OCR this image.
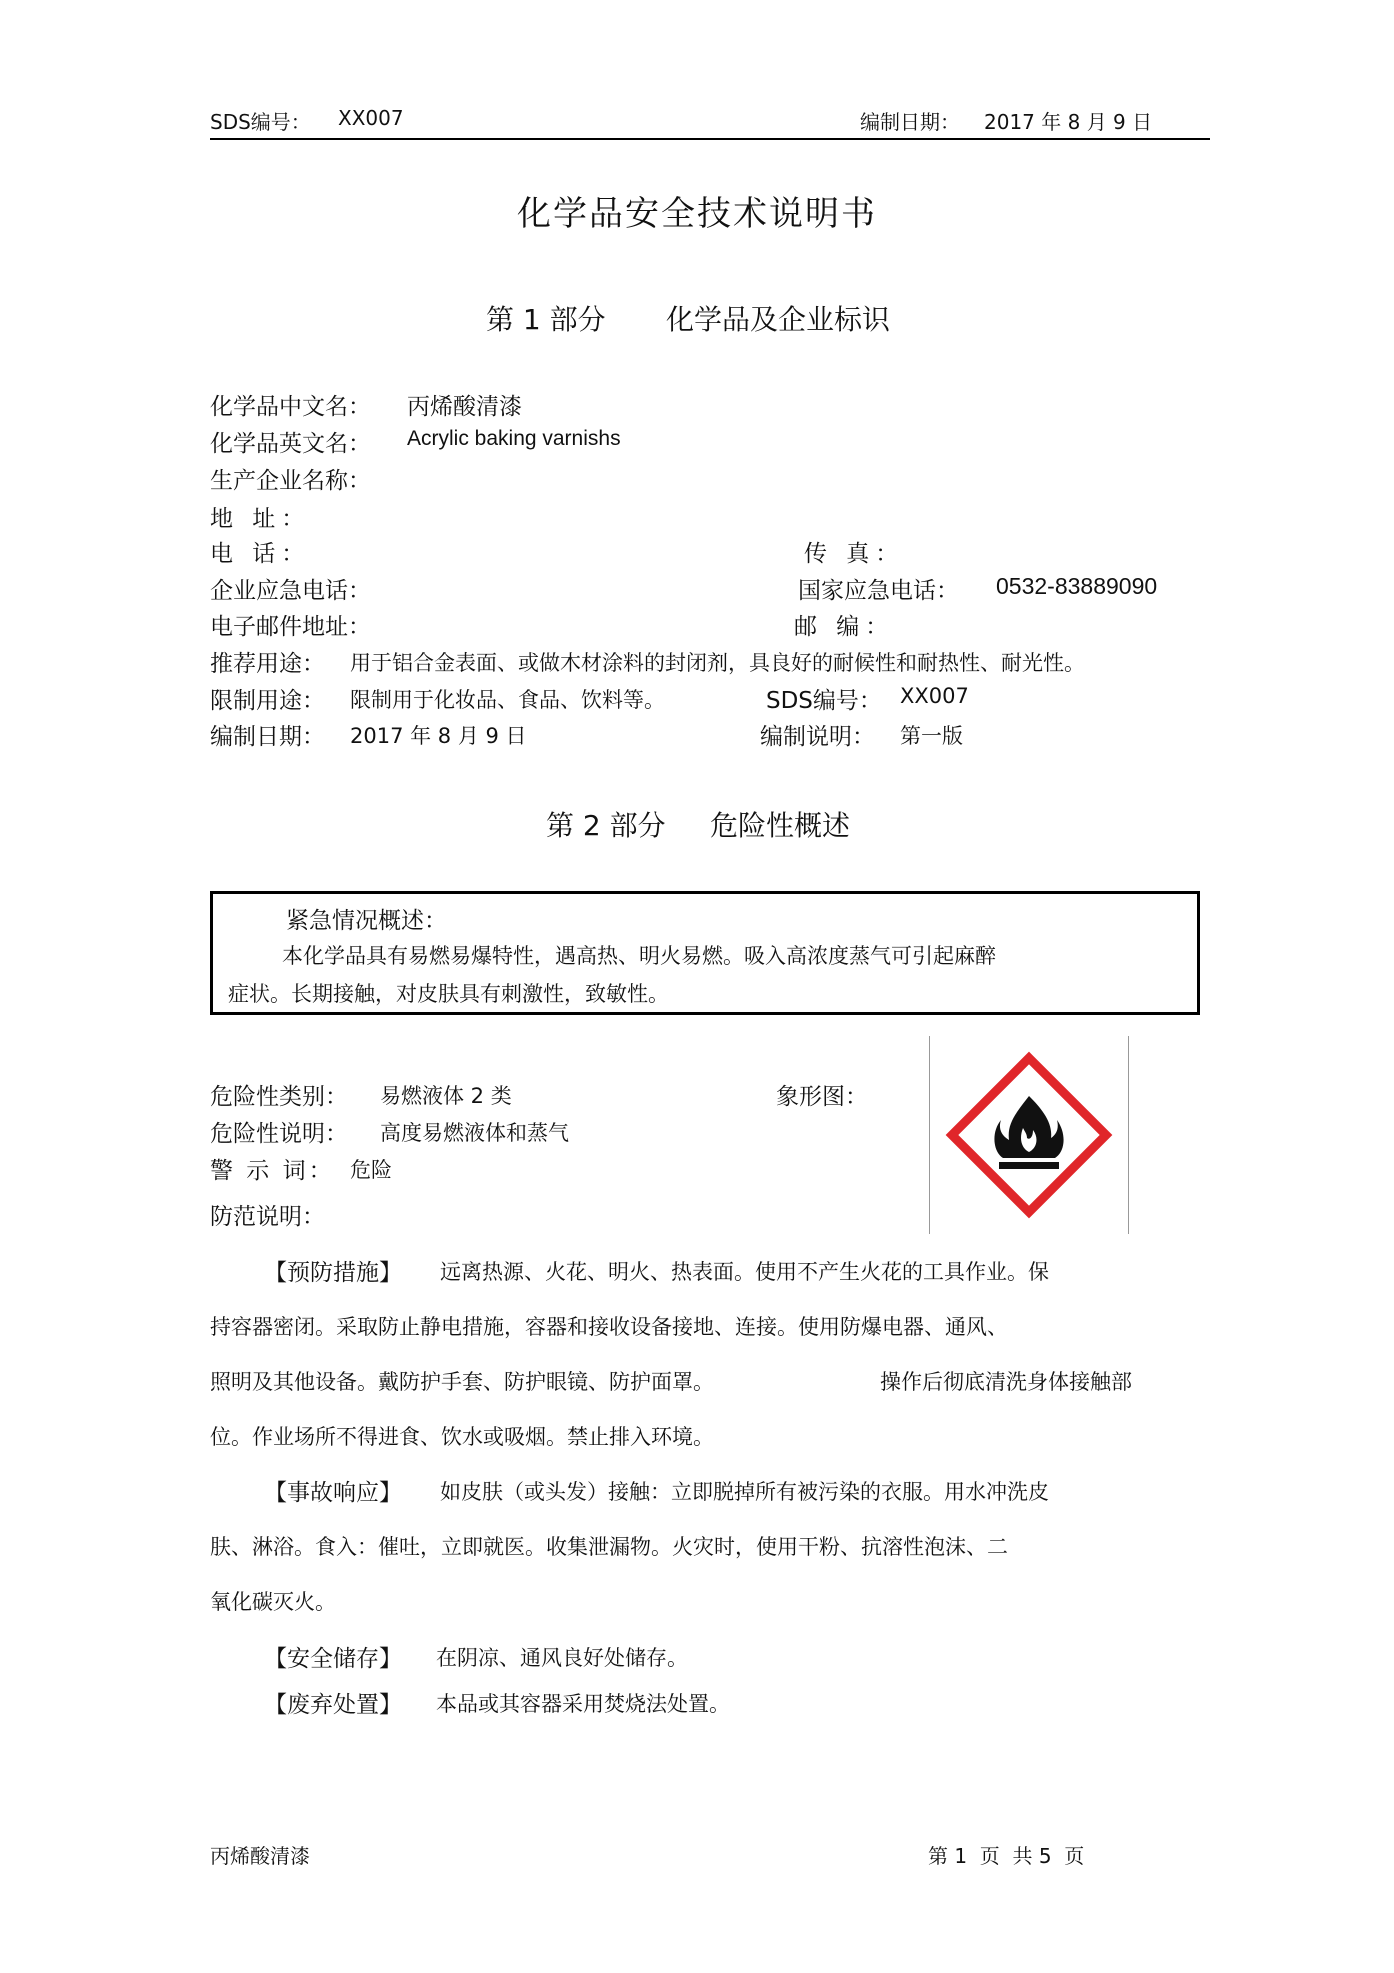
SDS编号： XX007	编制日期： 2017 年 8 月 9 日
化学品安全技术说明书
第 1 部分 化学品及企业标识
化学品中文名： 丙烯酸清漆
化学品英文名： Acrylic baking varnishs
生产企业名称：
地 址：
电 话：	传 真：
企业应急电话：	国家应急电话： 0532-83889090
电子邮件地址：	邮 编：
推荐用途： 用于铝合金表面、或做木材涂料的封闭剂，具良好的耐候性和耐热性、耐光性。
限制用途： 限制用于化妆品、食品、饮料等。	SDS编号： XX007
编制日期： 2017 年 8 月 9 日	编制说明： 第一版
第 2 部分 危险性概述
紧急情况概述：
本化学品具有易燃易爆特性，遇高热、明火易燃。吸入高浓度蒸气可引起麻醉
症状。长期接触，对皮肤具有刺激性，致敏性。
危险性类别： 易燃液体 2 类	象形图：
危险性说明： 高度易燃液体和蒸气
警 示 词： 危险
防范说明：
【预防措施】 远离热源、火花、明火、热表面。使用不产生火花的工具作业。保
持容器密闭。采取防止静电措施，容器和接收设备接地、连接。使用防爆电器、通风、
照明及其他设备。戴防护手套、防护眼镜、防护面罩。	操作后彻底清洗身体接触部
位。作业场所不得进食、饮水或吸烟。禁止排入环境。
【事故响应】 如皮肤（或头发）接触：立即脱掉所有被污染的衣服。用水冲洗皮
肤、淋浴。食入：催吐，立即就医。收集泄漏物。火灾时，使用干粉、抗溶性泡沫、二
氧化碳灭火。
【安全储存】 在阴凉、通风良好处储存。
【废弃处置】 本品或其容器采用焚烧法处置。
丙烯酸清漆	第 1  页  共 5  页
